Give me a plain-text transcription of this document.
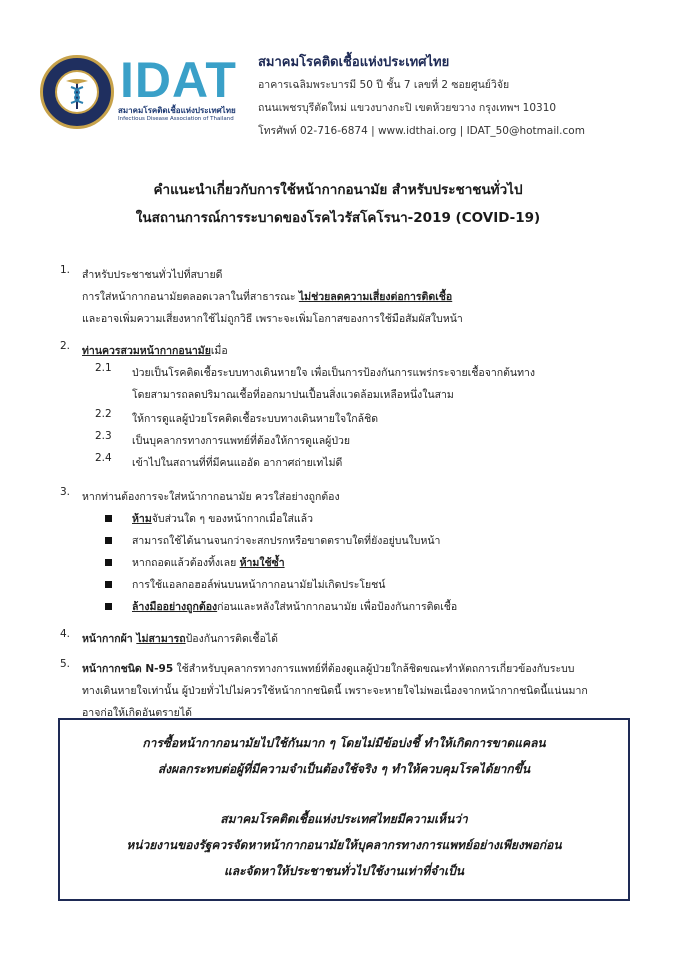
IDAT
สมาคมโรคติดเชื้อแห่งประเทศไทย
Infectious Disease Association of Thailand
สมาคมโรคติดเชื้อแห่งประเทศไทย
อาคารเฉลิมพระบารมี 50 ปี ชั้น 7 เลขที่ 2 ซอยศูนย์วิจัย
ถนนเพชรบุรีตัดใหม่ แขวงบางกะปิ เขตห้วยขวาง กรุงเทพฯ 10310
โทรศัพท์ 02-716-6874 | www.idthai.org | IDAT_50@hotmail.com
คำแนะนำเกี่ยวกับการใช้หน้ากากอนามัย สำหรับประชาชนทั่วไป
ในสถานการณ์การระบาดของโรคไวรัสโคโรนา-2019 (COVID-19)
1. สำหรับประชาชนทั่วไปที่สบายดี
การใส่หน้ากากอนามัยตลอดเวลาในที่สาธารณะ ไม่ช่วยลดความเสี่ยงต่อการติดเชื้อ
และอาจเพิ่มความเสี่ยงหากใช้ไม่ถูกวิธี เพราะจะเพิ่มโอกาสของการใช้มือสัมผัสใบหน้า
2. ท่านควรสวมหน้ากากอนามัยเมื่อ
2.1 ป่วยเป็นโรคติดเชื้อระบบทางเดินหายใจ เพื่อเป็นการป้องกันการแพร่กระจายเชื้อจากต้นทาง
โดยสามารถลดปริมาณเชื้อที่ออกมาปนเปื้อนสิ่งแวดล้อมเหลือหนึ่งในสาม
2.2 ให้การดูแลผู้ป่วยโรคติดเชื้อระบบทางเดินหายใจใกล้ชิด
2.3 เป็นบุคลากรทางการแพทย์ที่ต้องให้การดูแลผู้ป่วย
2.4 เข้าไปในสถานที่ที่มีคนแออัด อากาศถ่ายเทไม่ดี
3. หากท่านต้องการจะใส่หน้ากากอนามัย ควรใส่อย่างถูกต้อง
ห้ามจับส่วนใด ๆ ของหน้ากากเมื่อใส่แล้ว
สามารถใช้ได้นานจนกว่าจะสกปรกหรือขาดตราบใดที่ยังอยู่บนใบหน้า
หากถอดแล้วต้องทิ้งเลย ห้ามใช้ซ้ำ
การใช้แอลกอฮอล์พ่นบนหน้ากากอนามัยไม่เกิดประโยชน์
ล้างมืออย่างถูกต้องก่อนและหลังใส่หน้ากากอนามัย เพื่อป้องกันการติดเชื้อ
4. หน้ากากผ้า ไม่สามารถป้องกันการติดเชื้อได้
5. หน้ากากชนิด N-95 ใช้สำหรับบุคลากรทางการแพทย์ที่ต้องดูแลผู้ป่วยใกล้ชิดขณะทำหัตถการเกี่ยวข้องกับระบบ
ทางเดินหายใจเท่านั้น ผู้ป่วยทั่วไปไม่ควรใช้หน้ากากชนิดนี้ เพราะจะหายใจไม่พอเนื่องจากหน้ากากชนิดนี้แน่นมาก
อาจก่อให้เกิดอันตรายได้
การซื้อหน้ากากอนามัยไปใช้กันมาก ๆ โดยไม่มีข้อบ่งชี้ ทำให้เกิดการขาดแคลน
ส่งผลกระทบต่อผู้ที่มีความจำเป็นต้องใช้จริง ๆ ทำให้ควบคุมโรคได้ยากขึ้น
สมาคมโรคติดเชื้อแห่งประเทศไทยมีความเห็นว่า
หน่วยงานของรัฐควรจัดหาหน้ากากอนามัยให้บุคลากรทางการแพทย์อย่างเพียงพอก่อน
และจัดหาให้ประชาชนทั่วไปใช้งานเท่าที่จำเป็น
